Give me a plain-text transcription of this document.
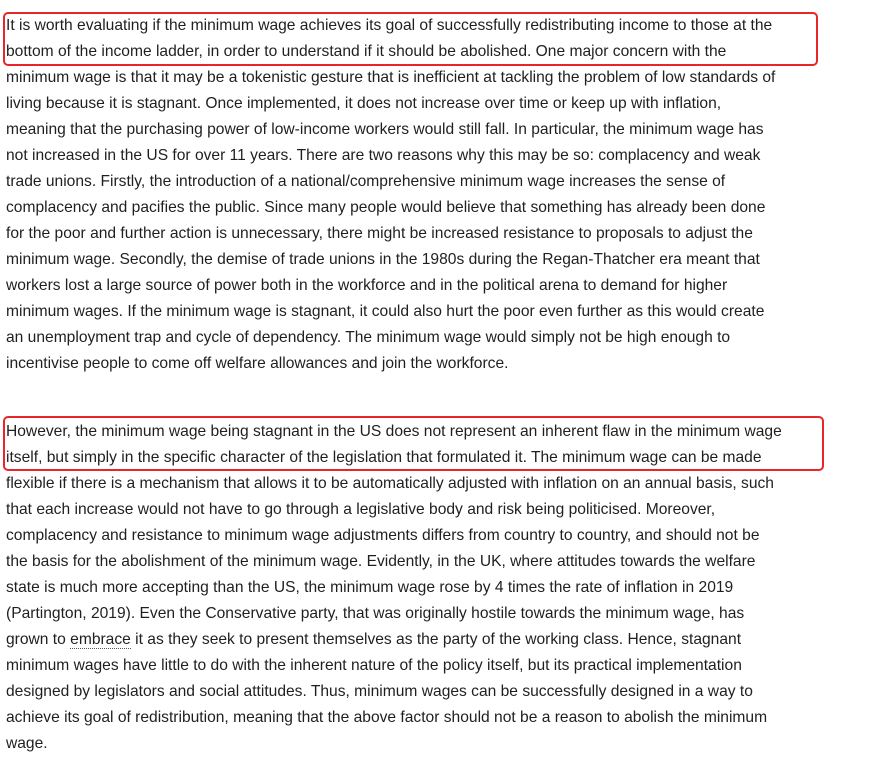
It is worth evaluating if the minimum wage achieves its goal of successfully redistributing income to those at the
bottom of the income ladder, in order to understand if it should be abolished. One major concern with the
minimum wage is that it may be a tokenistic gesture that is inefficient at tackling the problem of low standards of
living because it is stagnant. Once implemented, it does not increase over time or keep up with inflation,
meaning that the purchasing power of low-income workers would still fall. In particular, the minimum wage has
not increased in the US for over 11 years. There are two reasons why this may be so: complacency and weak
trade unions. Firstly, the introduction of a national/comprehensive minimum wage increases the sense of
complacency and pacifies the public. Since many people would believe that something has already been done
for the poor and further action is unnecessary, there might be increased resistance to proposals to adjust the
minimum wage. Secondly, the demise of trade unions in the 1980s during the Regan-Thatcher era meant that
workers lost a large source of power both in the workforce and in the political arena to demand for higher
minimum wages. If the minimum wage is stagnant, it could also hurt the poor even further as this would create
an unemployment trap and cycle of dependency. The minimum wage would simply not be high enough to
incentivise people to come off welfare allowances and join the workforce.

However, the minimum wage being stagnant in the US does not represent an inherent flaw in the minimum wage
itself, but simply in the specific character of the legislation that formulated it. The minimum wage can be made
flexible if there is a mechanism that allows it to be automatically adjusted with inflation on an annual basis, such
that each increase would not have to go through a legislative body and risk being politicised. Moreover,
complacency and resistance to minimum wage adjustments differs from country to country, and should not be
the basis for the abolishment of the minimum wage. Evidently, in the UK, where attitudes towards the welfare
state is much more accepting than the US, the minimum wage rose by 4 times the rate of inflation in 2019
(Partington, 2019). Even the Conservative party, that was originally hostile towards the minimum wage, has
grown to embrace it as they seek to present themselves as the party of the working class. Hence, stagnant
minimum wages have little to do with the inherent nature of the policy itself, but its practical implementation
designed by legislators and social attitudes. Thus, minimum wages can be successfully designed in a way to
achieve its goal of redistribution, meaning that the above factor should not be a reason to abolish the minimum
wage.
